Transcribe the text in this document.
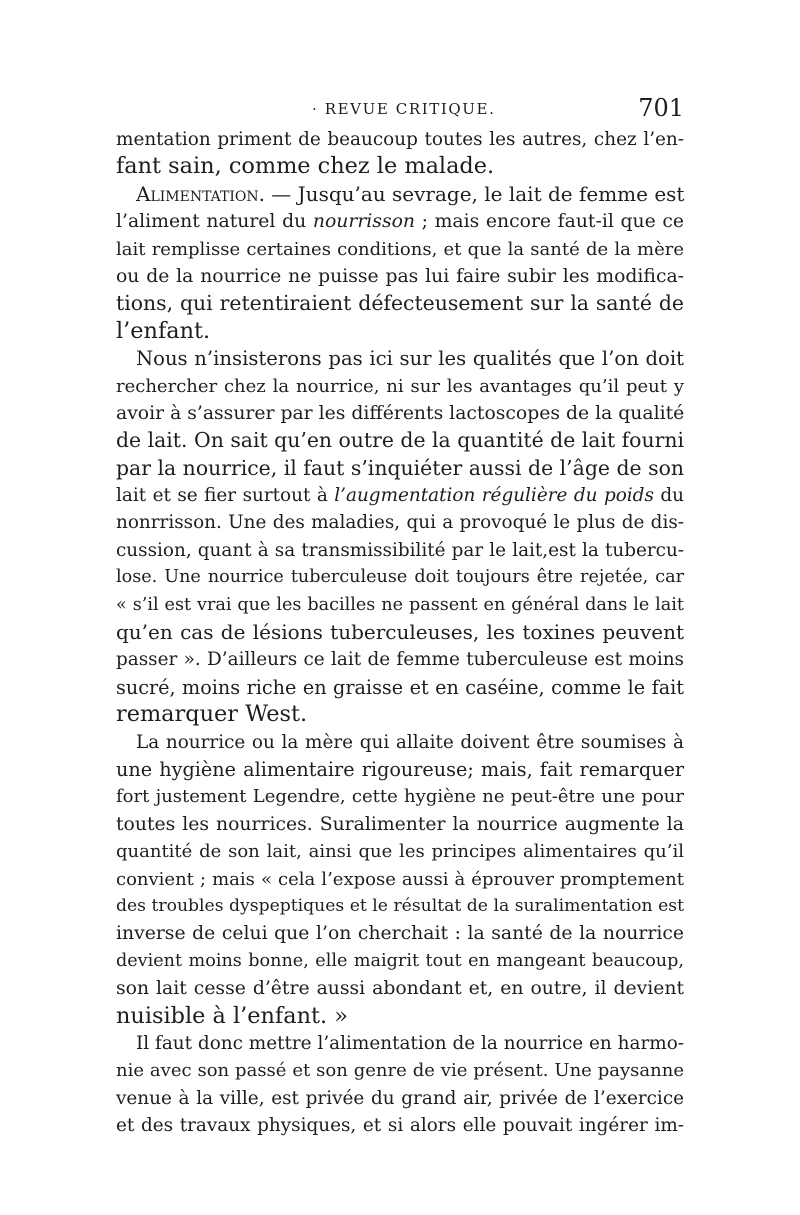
· REVUE CRITIQUE.	701
mentation priment de beaucoup toutes les autres, chez l’en-
fant sain, comme chez le malade.
Alimentation. — Jusqu’au sevrage, le lait de femme est
l’aliment naturel du nourrisson ; mais encore faut-il que ce
lait remplisse certaines conditions, et que la santé de la mère
ou de la nourrice ne puisse pas lui faire subir les modifica-
tions, qui retentiraient défecteusement sur la santé de
l’enfant.
Nous n’insisterons pas ici sur les qualités que l’on doit
rechercher chez la nourrice, ni sur les avantages qu’il peut y
avoir à s’assurer par les différents lactoscopes de la qualité
de lait. On sait qu’en outre de la quantité de lait fourni
par la nourrice, il faut s’inquiéter aussi de l’âge de son
lait et se fier surtout à l’augmentation régulière du poids du
nonrrisson. Une des maladies, qui a provoqué le plus de dis-
cussion, quant à sa transmissibilité par le lait,est la tubercu-
lose. Une nourrice tuberculeuse doit toujours être rejetée, car
« s’il est vrai que les bacilles ne passent en général dans le lait
qu’en cas de lésions tuberculeuses, les toxines peuvent
passer ». D’ailleurs ce lait de femme tuberculeuse est moins
sucré, moins riche en graisse et en caséine, comme le fait
remarquer West.
La nourrice ou la mère qui allaite doivent être soumises à
une hygiène alimentaire rigoureuse; mais, fait remarquer
fort justement Legendre, cette hygiène ne peut-être une pour
toutes les nourrices. Suralimenter la nourrice augmente la
quantité de son lait, ainsi que les principes alimentaires qu’il
convient ; mais « cela l’expose aussi à éprouver promptement
des troubles dyspeptiques et le résultat de la suralimentation est
inverse de celui que l’on cherchait : la santé de la nourrice
devient moins bonne, elle maigrit tout en mangeant beaucoup,
son lait cesse d’être aussi abondant et, en outre, il devient
nuisible à l’enfant. »
Il faut donc mettre l’alimentation de la nourrice en harmo-
nie avec son passé et son genre de vie présent. Une paysanne
venue à la ville, est privée du grand air, privée de l’exercice
et des travaux physiques, et si alors elle pouvait ingérer im-
